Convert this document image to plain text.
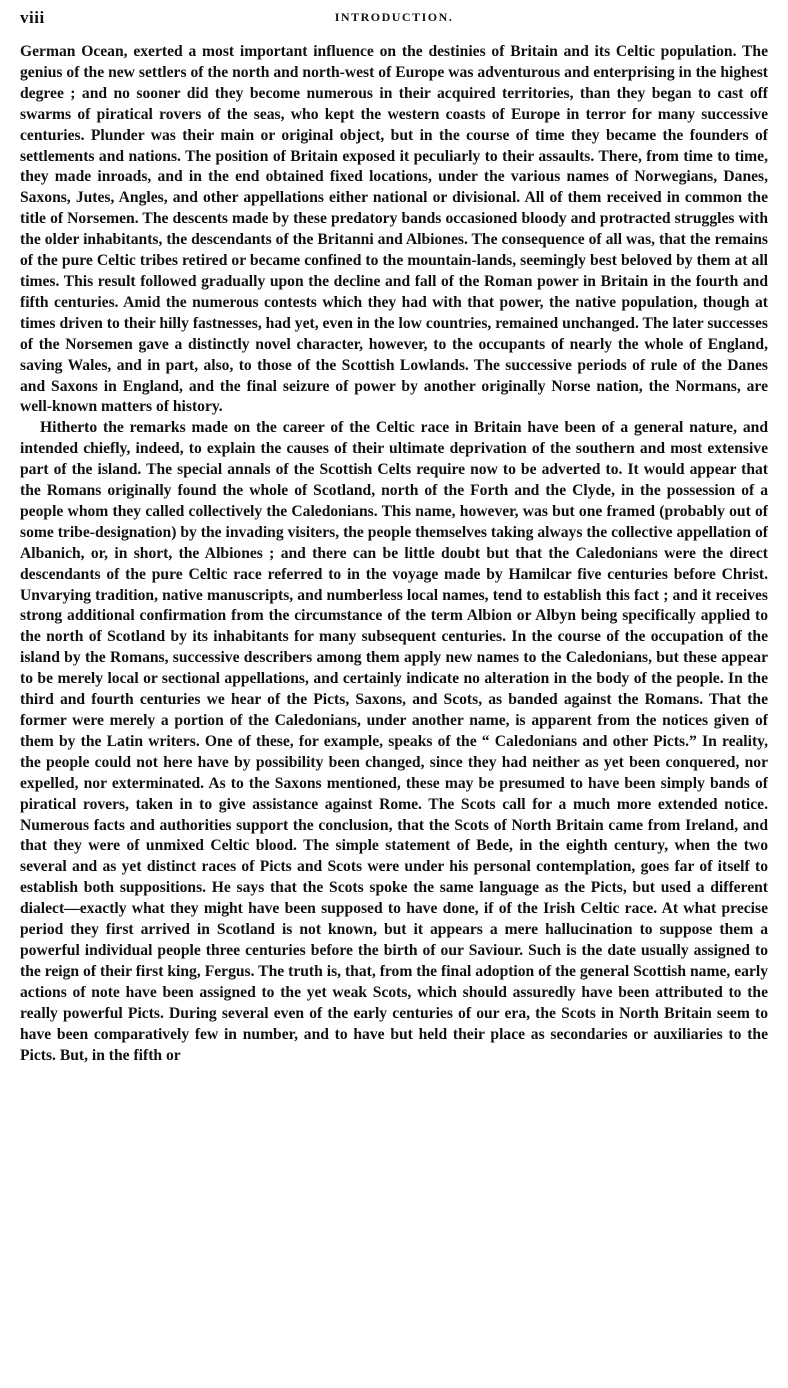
viii	INTRODUCTION.

German Ocean, exerted a most important influence on the destinies of Britain and its Celtic population. The genius of the new settlers of the north and north-west of Europe was adventurous and enterprising in the highest degree ; and no sooner did they become numerous in their acquired territories, than they began to cast off swarms of piratical rovers of the seas, who kept the western coasts of Europe in terror for many successive centuries. Plunder was their main or original object, but in the course of time they became the founders of settlements and nations. The position of Britain exposed it peculiarly to their assaults. There, from time to time, they made inroads, and in the end obtained fixed locations, under the various names of Norwegians, Danes, Saxons, Jutes, Angles, and other appellations either national or divisional. All of them received in common the title of Norsemen. The descents made by these predatory bands occasioned bloody and protracted struggles with the older inhabitants, the descendants of the Britanni and Albiones. The consequence of all was, that the remains of the pure Celtic tribes retired or became confined to the mountain-lands, seemingly best beloved by them at all times. This result followed gradually upon the decline and fall of the Roman power in Britain in the fourth and fifth centuries. Amid the numerous contests which they had with that power, the native population, though at times driven to their hilly fastnesses, had yet, even in the low countries, remained unchanged. The later successes of the Norsemen gave a distinctly novel character, however, to the occupants of nearly the whole of England, saving Wales, and in part, also, to those of the Scottish Lowlands. The successive periods of rule of the Danes and Saxons in England, and the final seizure of power by another originally Norse nation, the Normans, are well-known matters of history.

Hitherto the remarks made on the career of the Celtic race in Britain have been of a general nature, and intended chiefly, indeed, to explain the causes of their ultimate deprivation of the southern and most extensive part of the island. The special annals of the Scottish Celts require now to be adverted to. It would appear that the Romans originally found the whole of Scotland, north of the Forth and the Clyde, in the possession of a people whom they called collectively the Caledonians. This name, however, was but one framed (probably out of some tribe-designation) by the invading visiters, the people themselves taking always the collective appellation of Albanich, or, in short, the Albiones ; and there can be little doubt but that the Caledonians were the direct descendants of the pure Celtic race referred to in the voyage made by Hamilcar five centuries before Christ. Unvarying tradition, native manuscripts, and numberless local names, tend to establish this fact ; and it receives strong additional confirmation from the circumstance of the term Albion or Albyn being specifically applied to the north of Scotland by its inhabitants for many subsequent centuries. In the course of the occupation of the island by the Romans, successive describers among them apply new names to the Caledonians, but these appear to be merely local or sectional appellations, and certainly indicate no alteration in the body of the people. In the third and fourth centuries we hear of the Picts, Saxons, and Scots, as banded against the Romans. That the former were merely a portion of the Caledonians, under another name, is apparent from the notices given of them by the Latin writers. One of these, for example, speaks of the “ Caledonians and other Picts.” In reality, the people could not here have by possibility been changed, since they had neither as yet been conquered, nor expelled, nor exterminated. As to the Saxons mentioned, these may be presumed to have been simply bands of piratical rovers, taken in to give assistance against Rome. The Scots call for a much more extended notice. Numerous facts and authorities support the conclusion, that the Scots of North Britain came from Ireland, and that they were of unmixed Celtic blood. The simple statement of Bede, in the eighth century, when the two several and as yet distinct races of Picts and Scots were under his personal contemplation, goes far of itself to establish both suppositions. He says that the Scots spoke the same language as the Picts, but used a different dialect—exactly what they might have been supposed to have done, if of the Irish Celtic race. At what precise period they first arrived in Scotland is not known, but it appears a mere hallucination to suppose them a powerful individual people three centuries before the birth of our Saviour. Such is the date usually assigned to the reign of their first king, Fergus. The truth is, that, from the final adoption of the general Scottish name, early actions of note have been assigned to the yet weak Scots, which should assuredly have been attributed to the really powerful Picts. During several even of the early centuries of our era, the Scots in North Britain seem to have been comparatively few in number, and to have but held their place as secondaries or auxiliaries to the Picts. But, in the fifth or
